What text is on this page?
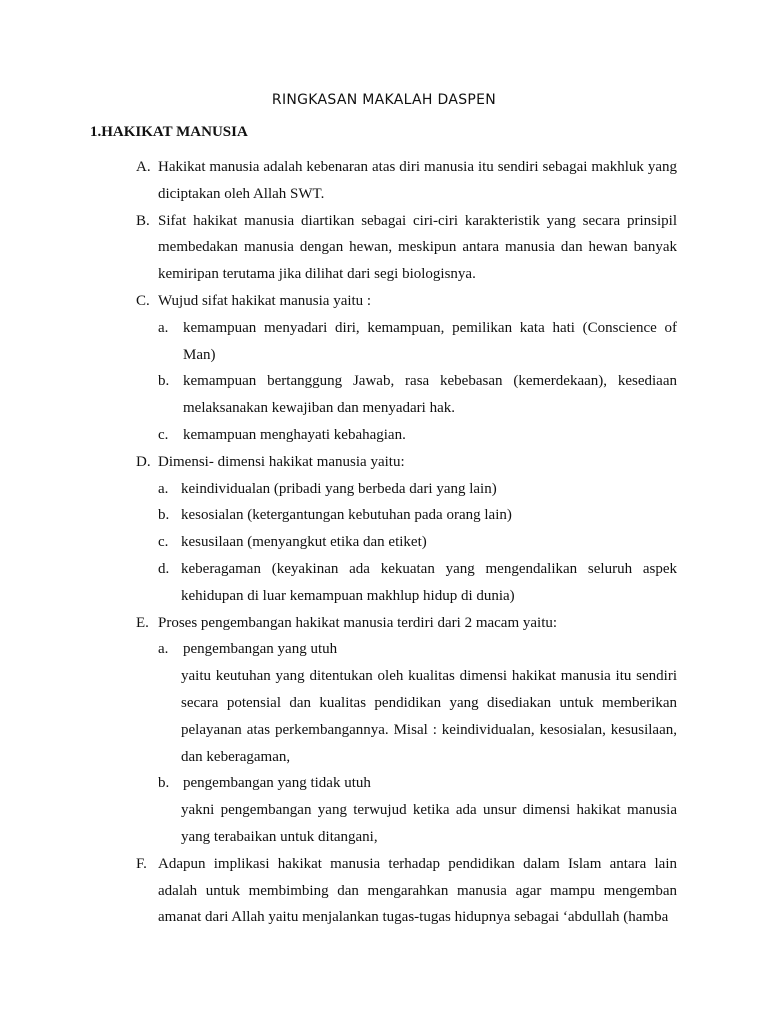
RINGKASAN MAKALAH DASPEN
1.HAKIKAT MANUSIA
A. Hakikat manusia adalah kebenaran atas diri manusia itu sendiri sebagai makhluk yang diciptakan oleh Allah SWT.
B. Sifat hakikat manusia diartikan sebagai ciri-ciri karakteristik yang secara prinsipil membedakan manusia dengan hewan, meskipun antara manusia dan hewan banyak kemiripan terutama jika dilihat dari segi biologisnya.
C. Wujud sifat hakikat manusia yaitu :
a. kemampuan menyadari diri, kemampuan, pemilikan kata hati (Conscience of Man)
b. kemampuan bertanggung Jawab, rasa kebebasan (kemerdekaan), kesediaan melaksanakan kewajiban dan menyadari hak.
c. kemampuan menghayati kebahagian.
D. Dimensi- dimensi hakikat manusia yaitu:
a. keindividualan (pribadi yang berbeda dari yang lain)
b. kesosialan (ketergantungan kebutuhan pada orang lain)
c. kesusilaan (menyangkut etika dan etiket)
d. keberagaman (keyakinan ada kekuatan yang mengendalikan seluruh aspek kehidupan di luar kemampuan makhlup hidup di dunia)
E. Proses pengembangan hakikat manusia terdiri dari 2 macam yaitu:
a. pengembangan yang utuh
yaitu keutuhan yang ditentukan oleh kualitas dimensi hakikat manusia itu sendiri secara potensial dan kualitas pendidikan yang disediakan untuk memberikan pelayanan atas perkembangannya. Misal : keindividualan, kesosialan, kesusilaan, dan keberagaman,
b. pengembangan yang tidak utuh
yakni pengembangan yang terwujud ketika ada unsur dimensi hakikat manusia yang terabaikan untuk ditangani,
F. Adapun implikasi hakikat manusia terhadap pendidikan dalam Islam antara lain adalah untuk membimbing dan mengarahkan manusia agar mampu mengemban amanat dari Allah yaitu menjalankan tugas-tugas hidupnya sebagai ‘abdullah (hamba
